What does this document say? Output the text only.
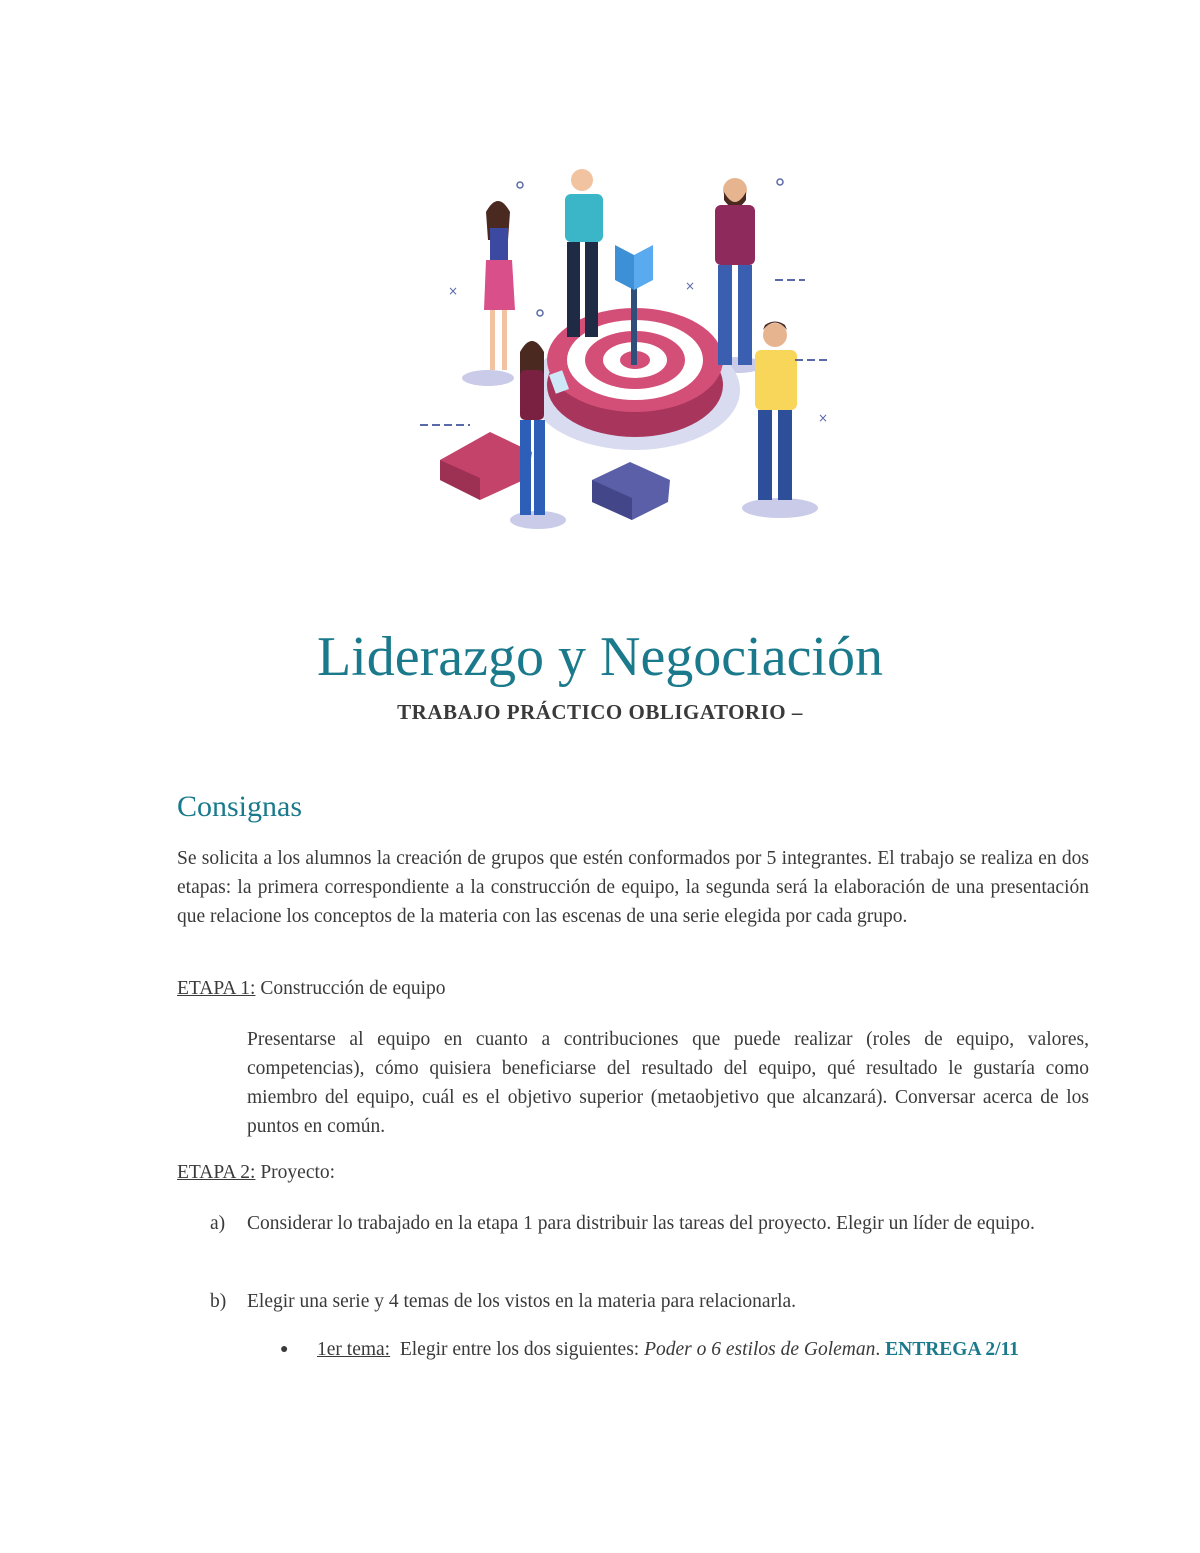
×	×
×
Liderazgo y Negociación
TRABAJO PRÁCTICO OBLIGATORIO –
Consignas

Se solicita a los alumnos la creación de grupos que estén conformados por 5 integrantes. El trabajo se realiza en dos etapas: la primera correspondiente a la construcción de equipo, la segunda será la elaboración de una presentación que relacione los conceptos de la materia con las escenas de una serie elegida por cada grupo.

ETAPA 1: Construcción de equipo

Presentarse al equipo en cuanto a contribuciones que puede realizar (roles de equipo, valores, competencias), cómo quisiera beneficiarse del resultado del equipo, qué resultado le gustaría como miembro del equipo, cuál es el objetivo superior (metaobjetivo que alcanzará). Conversar acerca de los puntos en común.

ETAPA 2: Proyecto:
a) Considerar lo trabajado en la etapa 1 para distribuir las tareas del proyecto. Elegir un líder de equipo.
b) Elegir una serie y 4 temas de los vistos en la materia para relacionarla.
● 1er tema: Elegir entre los dos siguientes: Poder o 6 estilos de Goleman. ENTREGA 2/11
